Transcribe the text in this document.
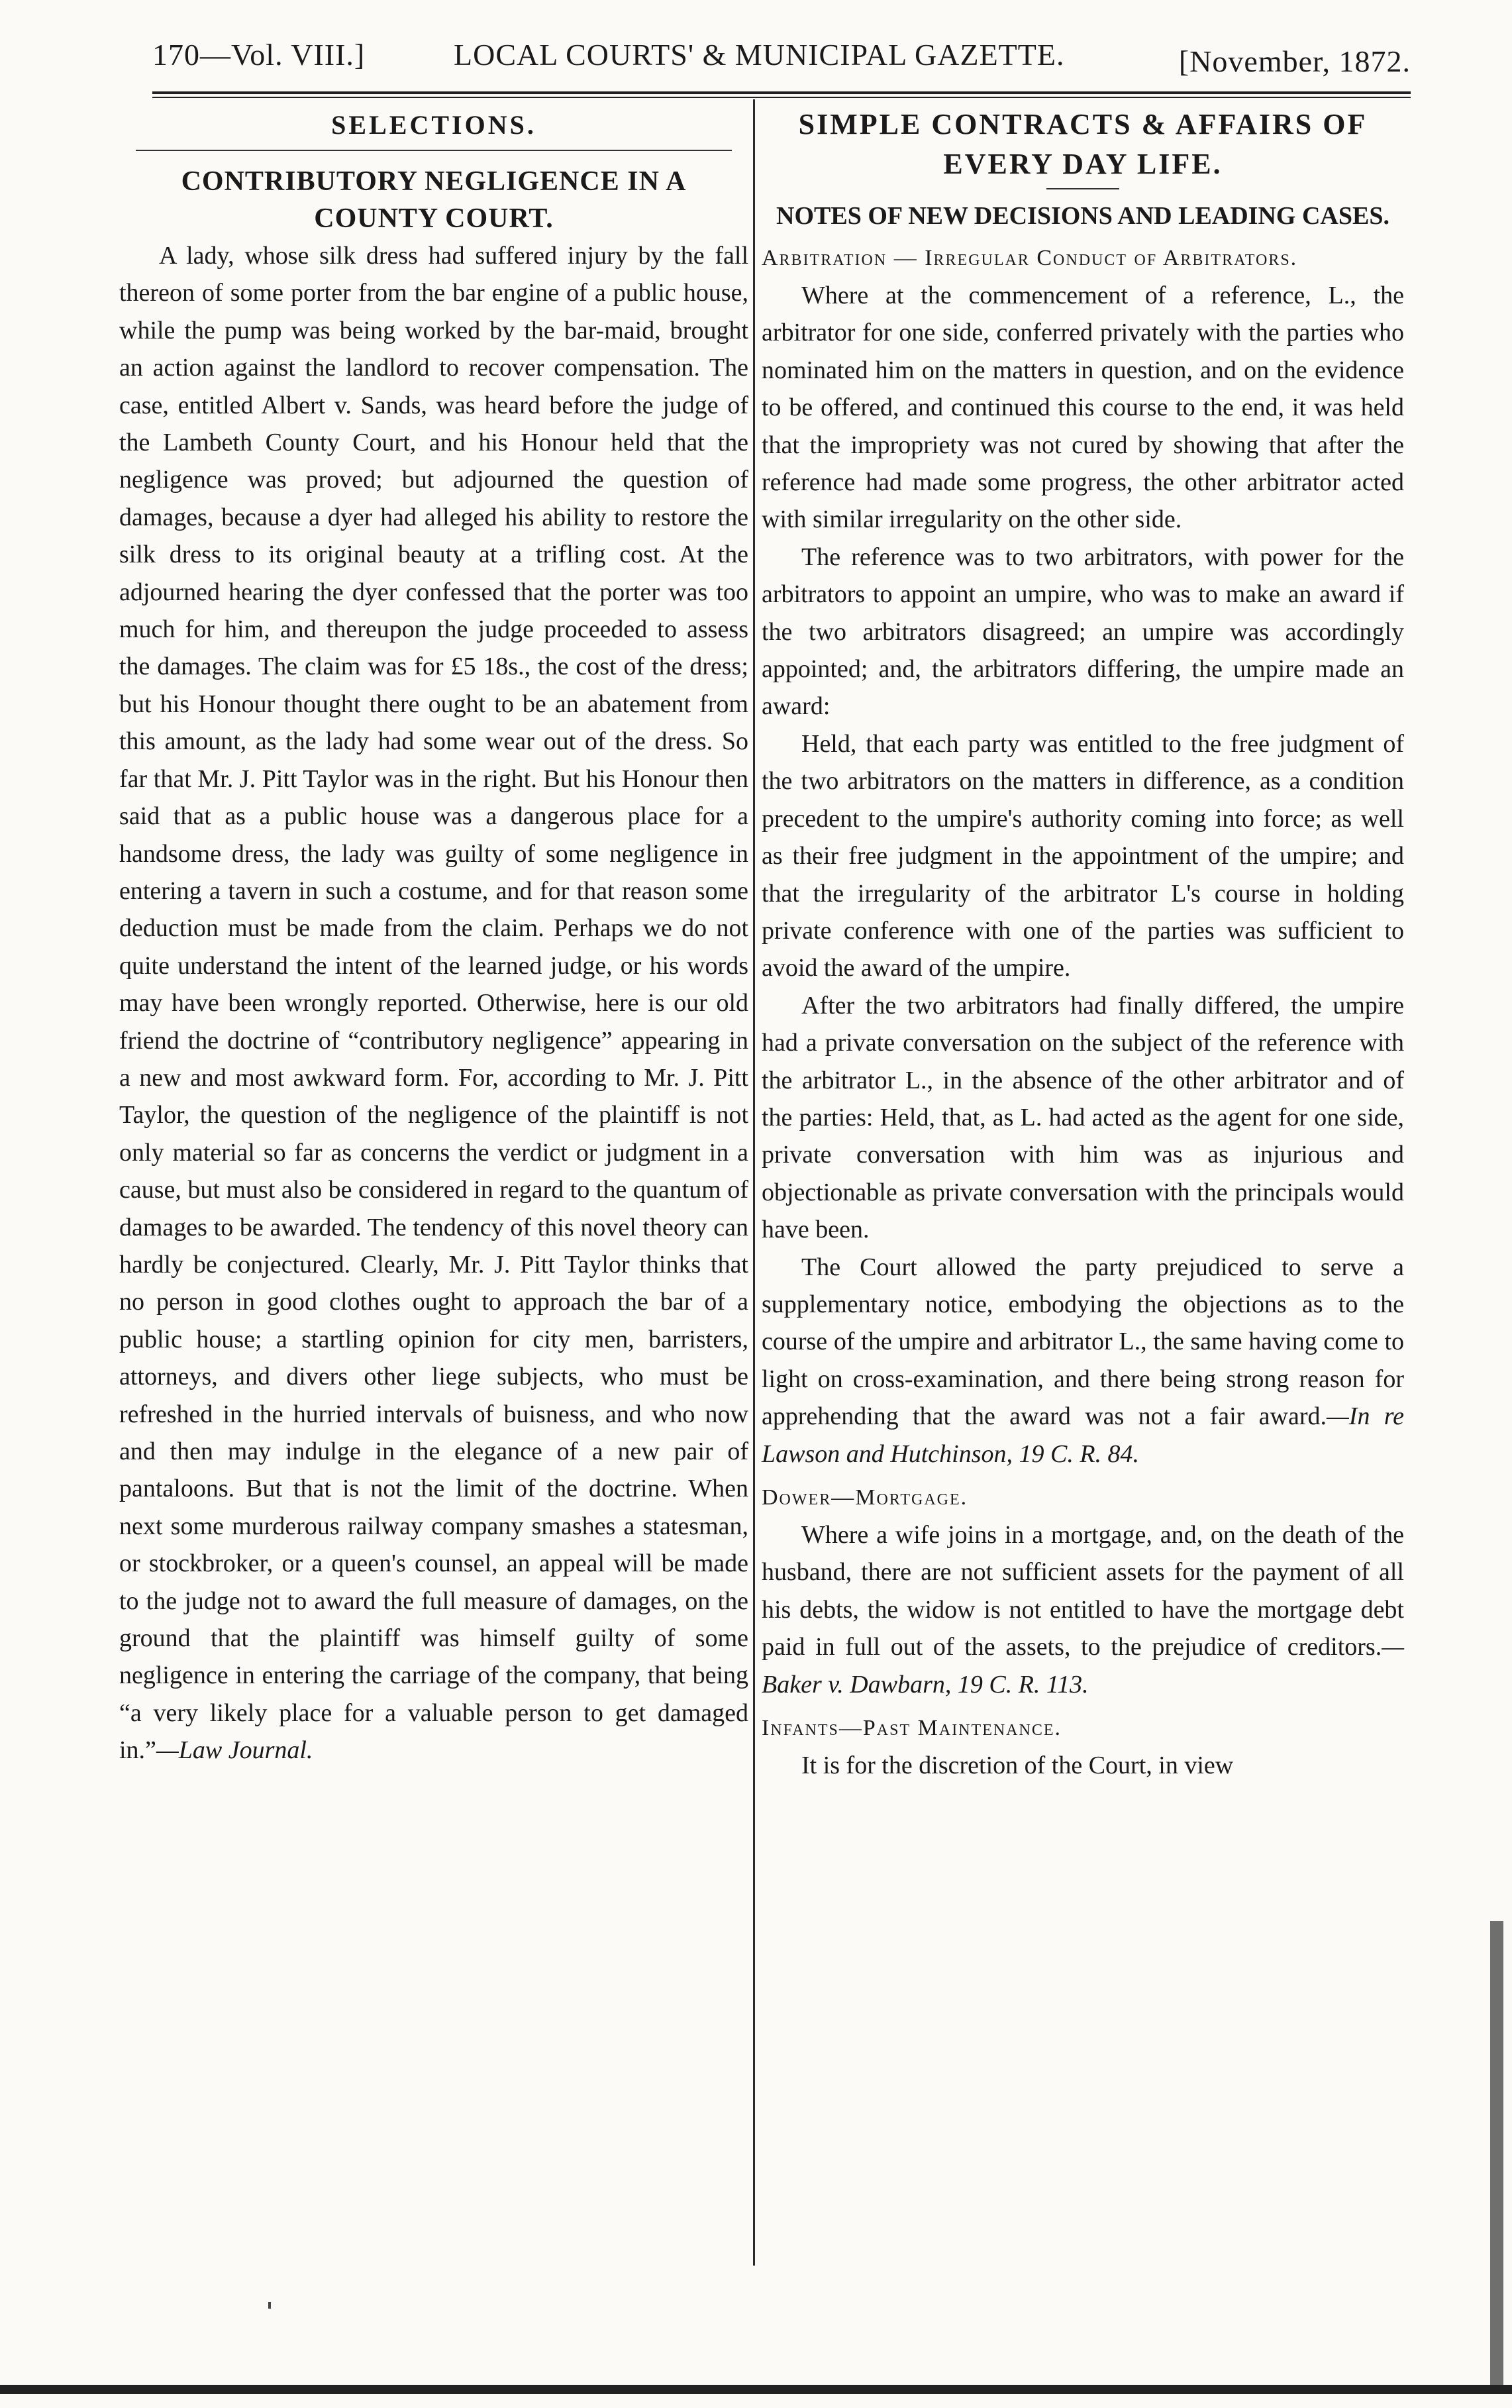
170—Vol. VIII.]	LOCAL COURTS' & MUNICIPAL GAZETTE.	[November, 1872.
SELECTIONS.
CONTRIBUTORY NEGLIGENCE IN A COUNTY COURT.

A lady, whose silk dress had suffered injury by the fall thereon of some porter from the bar engine of a public house, while the pump was being worked by the bar-maid, brought an action against the landlord to recover compensation. The case, entitled Albert v. Sands, was heard before the judge of the Lambeth County Court, and his Honour held that the negligence was proved; but adjourned the question of damages, because a dyer had alleged his ability to restore the silk dress to its original beauty at a trifling cost. At the adjourned hearing the dyer confessed that the porter was too much for him, and thereupon the judge proceeded to assess the damages. The claim was for £5 18s., the cost of the dress; but his Honour thought there ought to be an abatement from this amount, as the lady had some wear out of the dress. So far that Mr. J. Pitt Taylor was in the right. But his Honour then said that as a public house was a dangerous place for a handsome dress, the lady was guilty of some negligence in entering a tavern in such a costume, and for that reason some deduction must be made from the claim. Perhaps we do not quite understand the intent of the learned judge, or his words may have been wrongly reported. Otherwise, here is our old friend the doctrine of “contributory negligence” appearing in a new and most awkward form. For, according to Mr. J. Pitt Taylor, the question of the negligence of the plaintiff is not only material so far as concerns the verdict or judgment in a cause, but must also be considered in regard to the quantum of damages to be awarded. The tendency of this novel theory can hardly be conjectured. Clearly, Mr. J. Pitt Taylor thinks that no person in good clothes ought to approach the bar of a public house; a startling opinion for city men, barristers, attorneys, and divers other liege subjects, who must be refreshed in the hurried intervals of buisness, and who now and then may indulge in the elegance of a new pair of pantaloons. But that is not the limit of the doctrine. When next some murderous railway company smashes a statesman, or stockbroker, or a queen's counsel, an appeal will be made to the judge not to award the full measure of damages, on the ground that the plaintiff was himself guilty of some negligence in entering the carriage of the company, that being “a very likely place for a valuable person to get damaged in.”—Law Journal.

SIMPLE CONTRACTS & AFFAIRS OF EVERY DAY LIFE.
NOTES OF NEW DECISIONS AND LEADING CASES.
Arbitration — Irregular Conduct of Arbitrators.

Where at the commencement of a reference, L., the arbitrator for one side, conferred privately with the parties who nominated him on the matters in question, and on the evidence to be offered, and continued this course to the end, it was held that the impropriety was not cured by showing that after the reference had made some progress, the other arbitrator acted with similar irregularity on the other side.

The reference was to two arbitrators, with power for the arbitrators to appoint an umpire, who was to make an award if the two arbitrators disagreed; an umpire was accordingly appointed; and, the arbitrators differing, the umpire made an award:

Held, that each party was entitled to the free judgment of the two arbitrators on the matters in difference, as a condition precedent to the umpire's authority coming into force; as well as their free judgment in the appointment of the umpire; and that the irregularity of the arbitrator L's course in holding private conference with one of the parties was sufficient to avoid the award of the umpire.

After the two arbitrators had finally differed, the umpire had a private conversation on the subject of the reference with the arbitrator L., in the absence of the other arbitrator and of the parties: Held, that, as L. had acted as the agent for one side, private conversation with him was as injurious and objectionable as private conversation with the principals would have been.

The Court allowed the party prejudiced to serve a supplementary notice, embodying the objections as to the course of the umpire and arbitrator L., the same having come to light on cross-examination, and there being strong reason for apprehending that the award was not a fair award.—In re Lawson and Hutchinson, 19 C. R. 84.

Dower—Mortgage.

Where a wife joins in a mortgage, and, on the death of the husband, there are not sufficient assets for the payment of all his debts, the widow is not entitled to have the mortgage debt paid in full out of the assets, to the prejudice of creditors.—Baker v. Dawbarn, 19 C. R. 113.

Infants—Past Maintenance.

It is for the discretion of the Court, in view
